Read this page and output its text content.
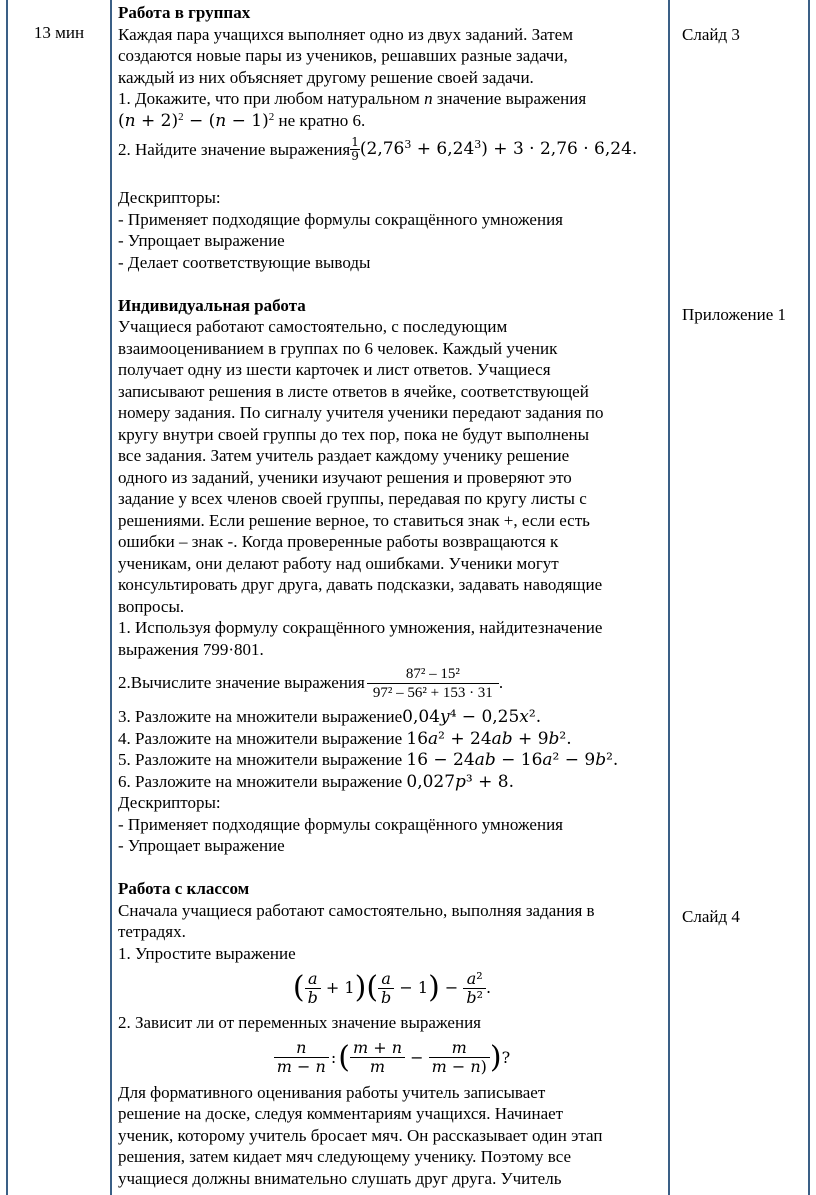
13 мин	Слайд 3
Приложение 1
Слайд 4
Работа в группах
Каждая пара учащихся выполняет одно из двух заданий. Затем
создаются новые пары из учеников, решавших разные задачи,
каждый из них объясняет другому решение своей задачи.
1. Докажите, что при любом натуральном n значение выражения
(𝑛 + 2)$^2$ − (𝑛 − 1)$^2$ не кратно 6.
2. Найдите значение выражения $\frac{1}{9} (2,76^3 + 6,24^3) + 3 \cdot 2,76 \cdot 6,24$.
Дескрипторы:
- Применяет подходящие формулы сокращённого умножения
- Упрощает выражение
- Делает соответствующие выводы
Индивидуальная работа
Учащиеся работают самостоятельно, с последующим
взаимооцениванием в группах по 6 человек. Каждый ученик
получает одну из шести карточек и лист ответов. Учащиеся
записывают решения в листе ответов в ячейке, соответствующей
номеру задания. По сигналу учителя ученики передают задания по
кругу внутри своей группы до тех пор, пока не будут выполнены
все задания. Затем учитель раздает каждому ученику решение
одного из заданий, ученики изучают решения и проверяют это
задание у всех членов своей группы, передавая по кругу листы с
решениями. Если решение верное, то ставиться знак +, если есть
ошибки – знак -. Когда проверенные работы возвращаются к
ученикам, они делают работу над ошибками. Ученики могут
консультировать друг друга, давать подсказки, задавать наводящие
вопросы.
1. Используя формулу сокращённого умножения, найдитезначение
выражения 799·801.
2.Вычислите значение выражения $\frac{\text{87² – 15²}}{\text{97² – 56² + 153 · 31}}$ .
3. Разложите на множители выражение0,04𝑦⁴ − 0,25𝑥².
4. Разложите на множители выражение 16𝑎² + 24𝑎𝑏 + 9𝑏².
5. Разложите на множители выражение 16 − 24𝑎𝑏 − 16𝑎² − 9𝑏².
6. Разложите на множители выражение 0,027𝑝³ + 8.
Дескрипторы:
- Применяет подходящие формулы сокращённого умножения
- Упрощает выражение
Работа с классом
Сначала учащиеся работают самостоятельно, выполняя задания в
тетрадях.
1. Упростите выражение
( $\frac{\text{𝑎}}{\text{𝑏}} + 1$ ) ( $\frac{\text{𝑎}}{\text{𝑏}} - 1$ ) − $\frac{\text{𝑎²}}{\text{𝑏²}}$ .
2. Зависит ли от переменных значение выражения
$\frac{\text{𝑛}}{\text{𝑚 − 𝑛}}$ : ( $\frac{\text{𝑚 + 𝑛}}{\text{𝑚}} - \frac{\text{𝑚}}{\text{𝑚 − 𝑛)}}$ ) ?
Для формативного оценивания работы учитель записывает
решение на доске, следуя комментариям учащихся. Начинает
ученик, которому учитель бросает мяч. Он рассказывает один этап
решения, затем кидает мяч следующему ученику. Поэтому все
учащиеся должны внимательно слушать друг друга. Учитель
